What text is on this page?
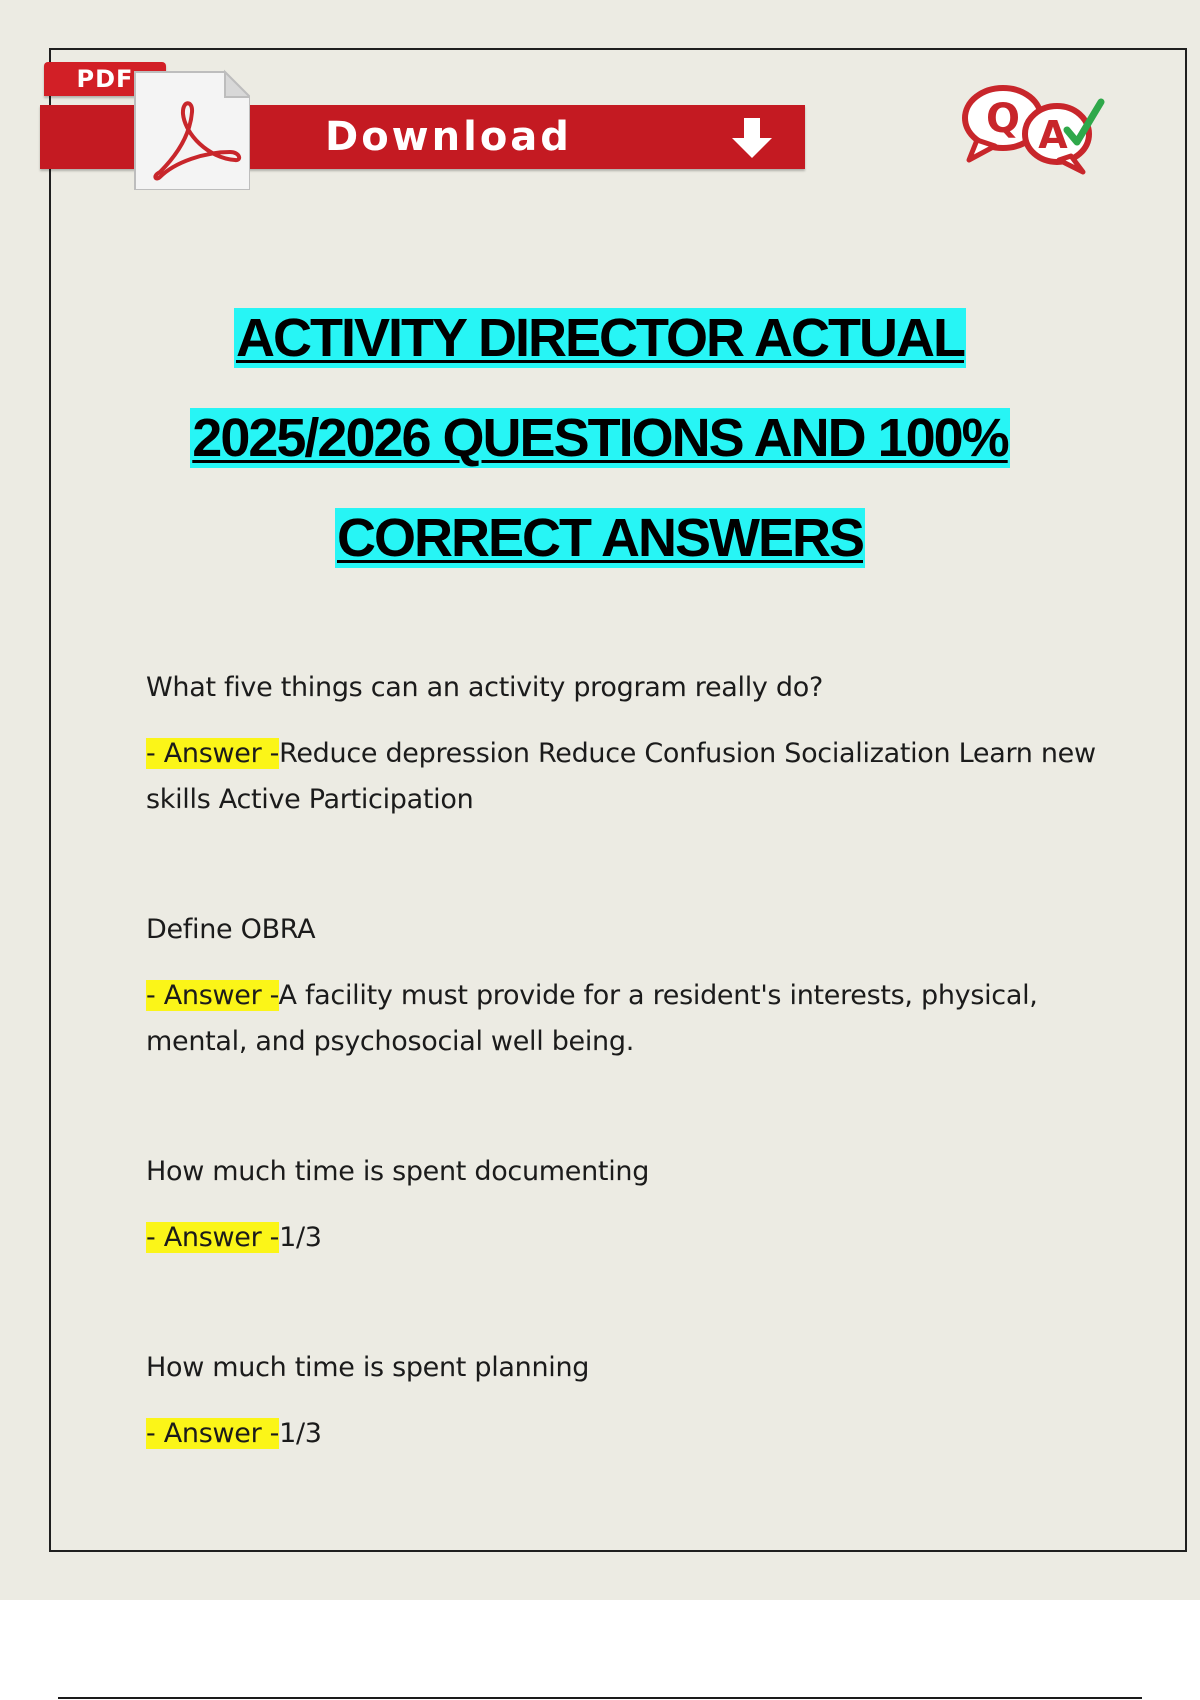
PDF
Download	Q A
ACTIVITY DIRECTOR ACTUAL
2025/2026 QUESTIONS AND 100%
CORRECT ANSWERS

What five things can an activity program really do?

- Answer -Reduce depression Reduce Confusion Socialization Learn new skills Active Participation

Define OBRA

- Answer -A facility must provide for a resident's interests, physical, mental, and psychosocial well being.

How much time is spent documenting

- Answer -1/3

How much time is spent planning

- Answer -1/3
